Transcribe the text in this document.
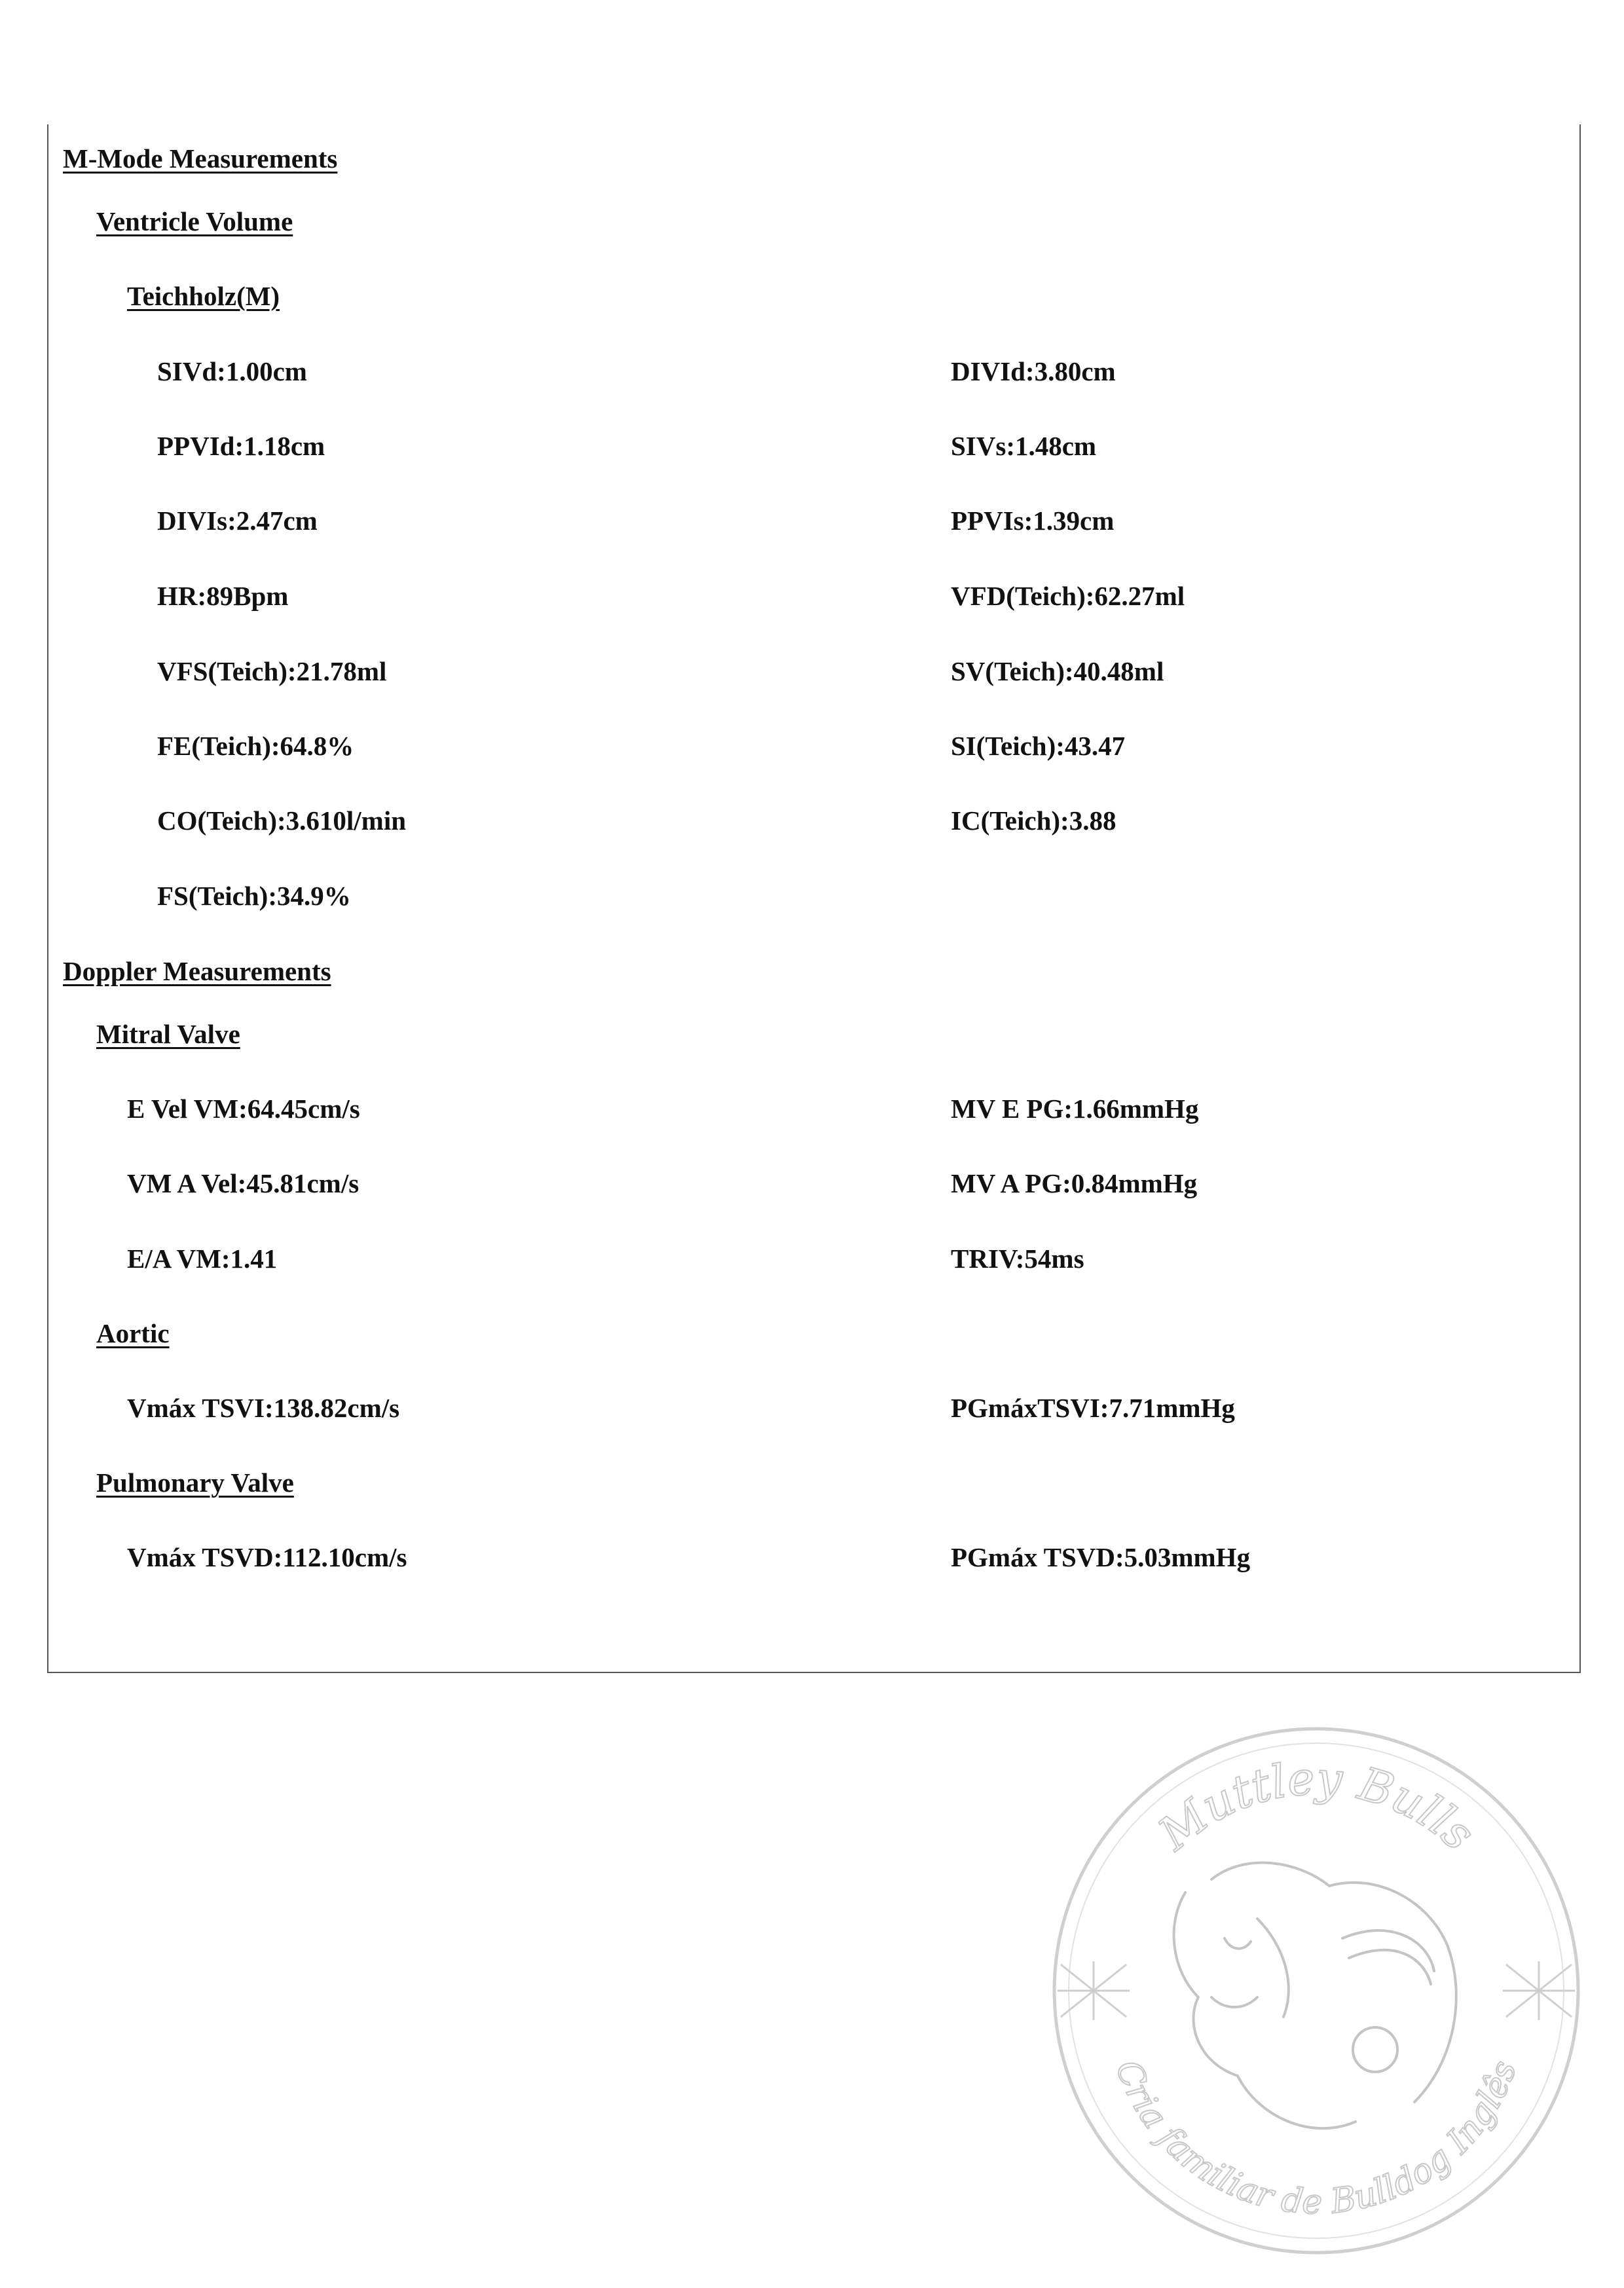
M-Mode Measurements
Ventricle Volume
Teichholz(M)
SIVd:1.00cm	DIVId:3.80cm
PPVId:1.18cm	SIVs:1.48cm
DIVIs:2.47cm	PPVIs:1.39cm
HR:89Bpm	VFD(Teich):62.27ml
VFS(Teich):21.78ml	SV(Teich):40.48ml
FE(Teich):64.8%	SI(Teich):43.47
CO(Teich):3.610l/min	IC(Teich):3.88
FS(Teich):34.9%
Doppler Measurements
Mitral Valve
E Vel VM:64.45cm/s	MV E PG:1.66mmHg
VM A Vel:45.81cm/s	MV A PG:0.84mmHg
E/A VM:1.41	TRIV:54ms
Aortic
Vmáx TSVI:138.82cm/s	PGmáxTSVI:7.71mmHg
Pulmonary Valve
Vmáx TSVD:112.10cm/s	PGmáx TSVD:5.03mmHg
Muttley Bulls
Cria familiar de Bulldog Inglês
